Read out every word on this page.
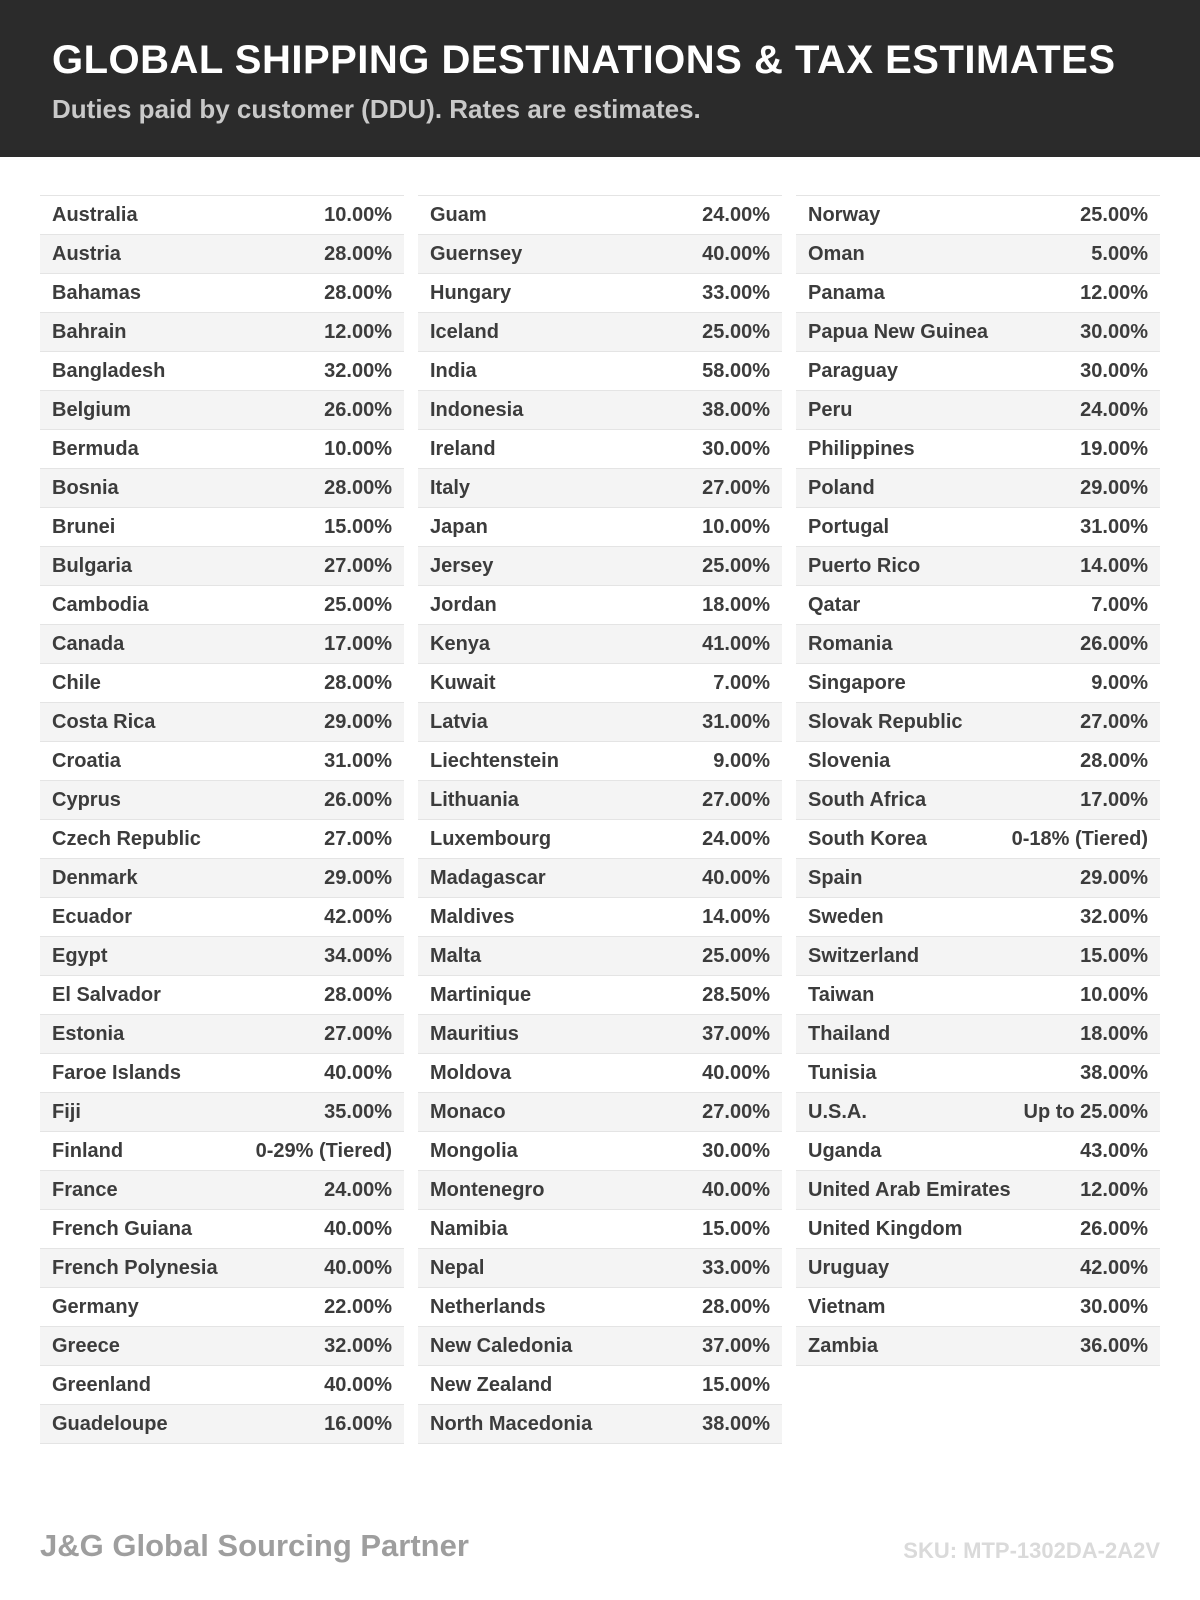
GLOBAL SHIPPING DESTINATIONS & TAX ESTIMATES
Duties paid by customer (DDU). Rates are estimates.
Australia	10.00%
Austria	28.00%
Bahamas	28.00%
Bahrain	12.00%
Bangladesh	32.00%
Belgium	26.00%
Bermuda	10.00%
Bosnia	28.00%
Brunei	15.00%
Bulgaria	27.00%
Cambodia	25.00%
Canada	17.00%
Chile	28.00%
Costa Rica	29.00%
Croatia	31.00%
Cyprus	26.00%
Czech Republic	27.00%
Denmark	29.00%
Ecuador	42.00%
Egypt	34.00%
El Salvador	28.00%
Estonia	27.00%
Faroe Islands	40.00%
Fiji	35.00%
Finland	0-29% (Tiered)
France	24.00%
French Guiana	40.00%
French Polynesia	40.00%
Germany	22.00%
Greece	32.00%
Greenland	40.00%
Guadeloupe	16.00%
Guam	24.00%
Guernsey	40.00%
Hungary	33.00%
Iceland	25.00%
India	58.00%
Indonesia	38.00%
Ireland	30.00%
Italy	27.00%
Japan	10.00%
Jersey	25.00%
Jordan	18.00%
Kenya	41.00%
Kuwait	7.00%
Latvia	31.00%
Liechtenstein	9.00%
Lithuania	27.00%
Luxembourg	24.00%
Madagascar	40.00%
Maldives	14.00%
Malta	25.00%
Martinique	28.50%
Mauritius	37.00%
Moldova	40.00%
Monaco	27.00%
Mongolia	30.00%
Montenegro	40.00%
Namibia	15.00%
Nepal	33.00%
Netherlands	28.00%
New Caledonia	37.00%
New Zealand	15.00%
North Macedonia	38.00%
Norway	25.00%
Oman	5.00%
Panama	12.00%
Papua New Guinea	30.00%
Paraguay	30.00%
Peru	24.00%
Philippines	19.00%
Poland	29.00%
Portugal	31.00%
Puerto Rico	14.00%
Qatar	7.00%
Romania	26.00%
Singapore	9.00%
Slovak Republic	27.00%
Slovenia	28.00%
South Africa	17.00%
South Korea	0-18% (Tiered)
Spain	29.00%
Sweden	32.00%
Switzerland	15.00%
Taiwan	10.00%
Thailand	18.00%
Tunisia	38.00%
U.S.A.	Up to 25.00%
Uganda	43.00%
United Arab Emirates	12.00%
United Kingdom	26.00%
Uruguay	42.00%
Vietnam	30.00%
Zambia	36.00%
J&G Global Sourcing Partner	SKU: MTP-1302DA-2A2V
